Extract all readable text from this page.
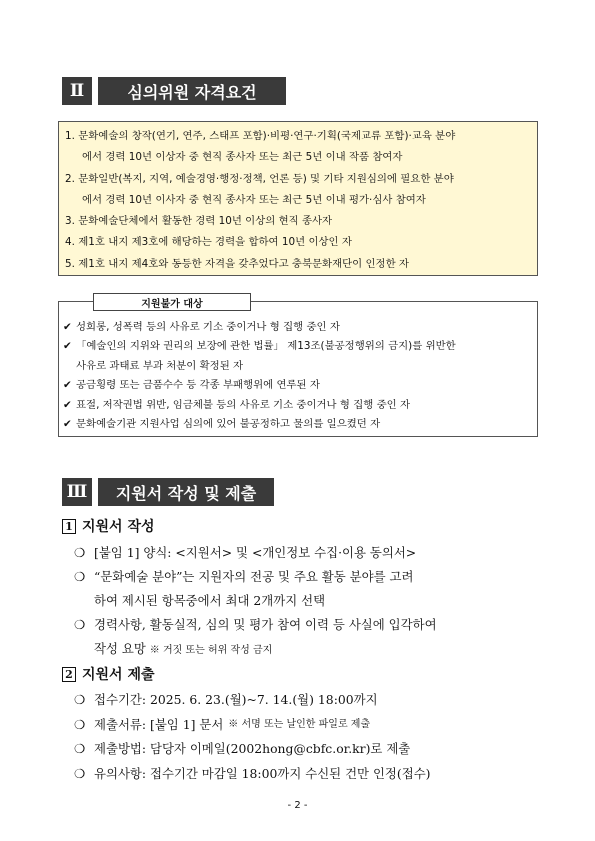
Ⅱ	심의위원 자격요건
1. 문화예술의 창작(연기, 연주, 스태프 포함)·비평·연구·기획(국제교류 포함)·교육 분야
에서 경력 10년 이상자 중 현직 종사자 또는 최근 5년 이내 작품 참여자
2. 문화일반(복지, 지역, 예술경영·행정·정책, 언론 등) 및 기타 지원심의에 필요한 분야
에서 경력 10년 이사자 중 현직 종사자 또는 최근 5년 이내 평가·심사 참여자
3. 문화예술단체에서 활동한 경력 10년 이상의 현직 종사자
4. 제1호 내지 제3호에 해당하는 경력을 합하여 10년 이상인 자
5. 제1호 내지 제4호와 동등한 자격을 갖추었다고 충북문화재단이 인정한 자
지원불가 대상
✔ 성희롱, 성폭력 등의 사유로 기소 중이거나 형 집행 중인 자
✔ 「예술인의 지위와 권리의 보장에 관한 법률」 제13조(불공정행위의 금지)를 위반한
사유로 과태료 부과 처분이 확정된 자
✔ 공금횡령 또는 금품수수 등 각종 부패행위에 연루된 자
✔ 표절, 저작권법 위반, 임금체불 등의 사유로 기소 중이거나 형 집행 중인 자
✔ 문화예술기관 지원사업 심의에 있어 불공정하고 물의를 일으켰던 자
Ⅲ	지원서 작성 및 제출
1 지원서 작성
❍ [붙임 1] 양식: <지원서> 및 <개인정보 수집·이용 동의서>
❍ “문화예술 분야”는 지원자의 전공 및 주요 활동 분야를 고려
하여 제시된 항목중에서 최대 2개까지 선택
❍ 경력사항, 활동실적, 심의 및 평가 참여 이력 등 사실에 입각하여
작성 요망 ※ 거짓 또는 허위 작성 금지
2 지원서 제출
❍ 접수기간: 2025. 6. 23.(월)~7. 14.(월) 18:00까지
❍ 제출서류: [붙임 1] 문서 ※ 서명 또는 날인한 파일로 제출
❍ 제출방법: 담당자 이메일(2002hong@cbfc.or.kr)로 제출
❍ 유의사항: 접수기간 마감일 18:00까지 수신된 건만 인정(접수)
- 2 -
